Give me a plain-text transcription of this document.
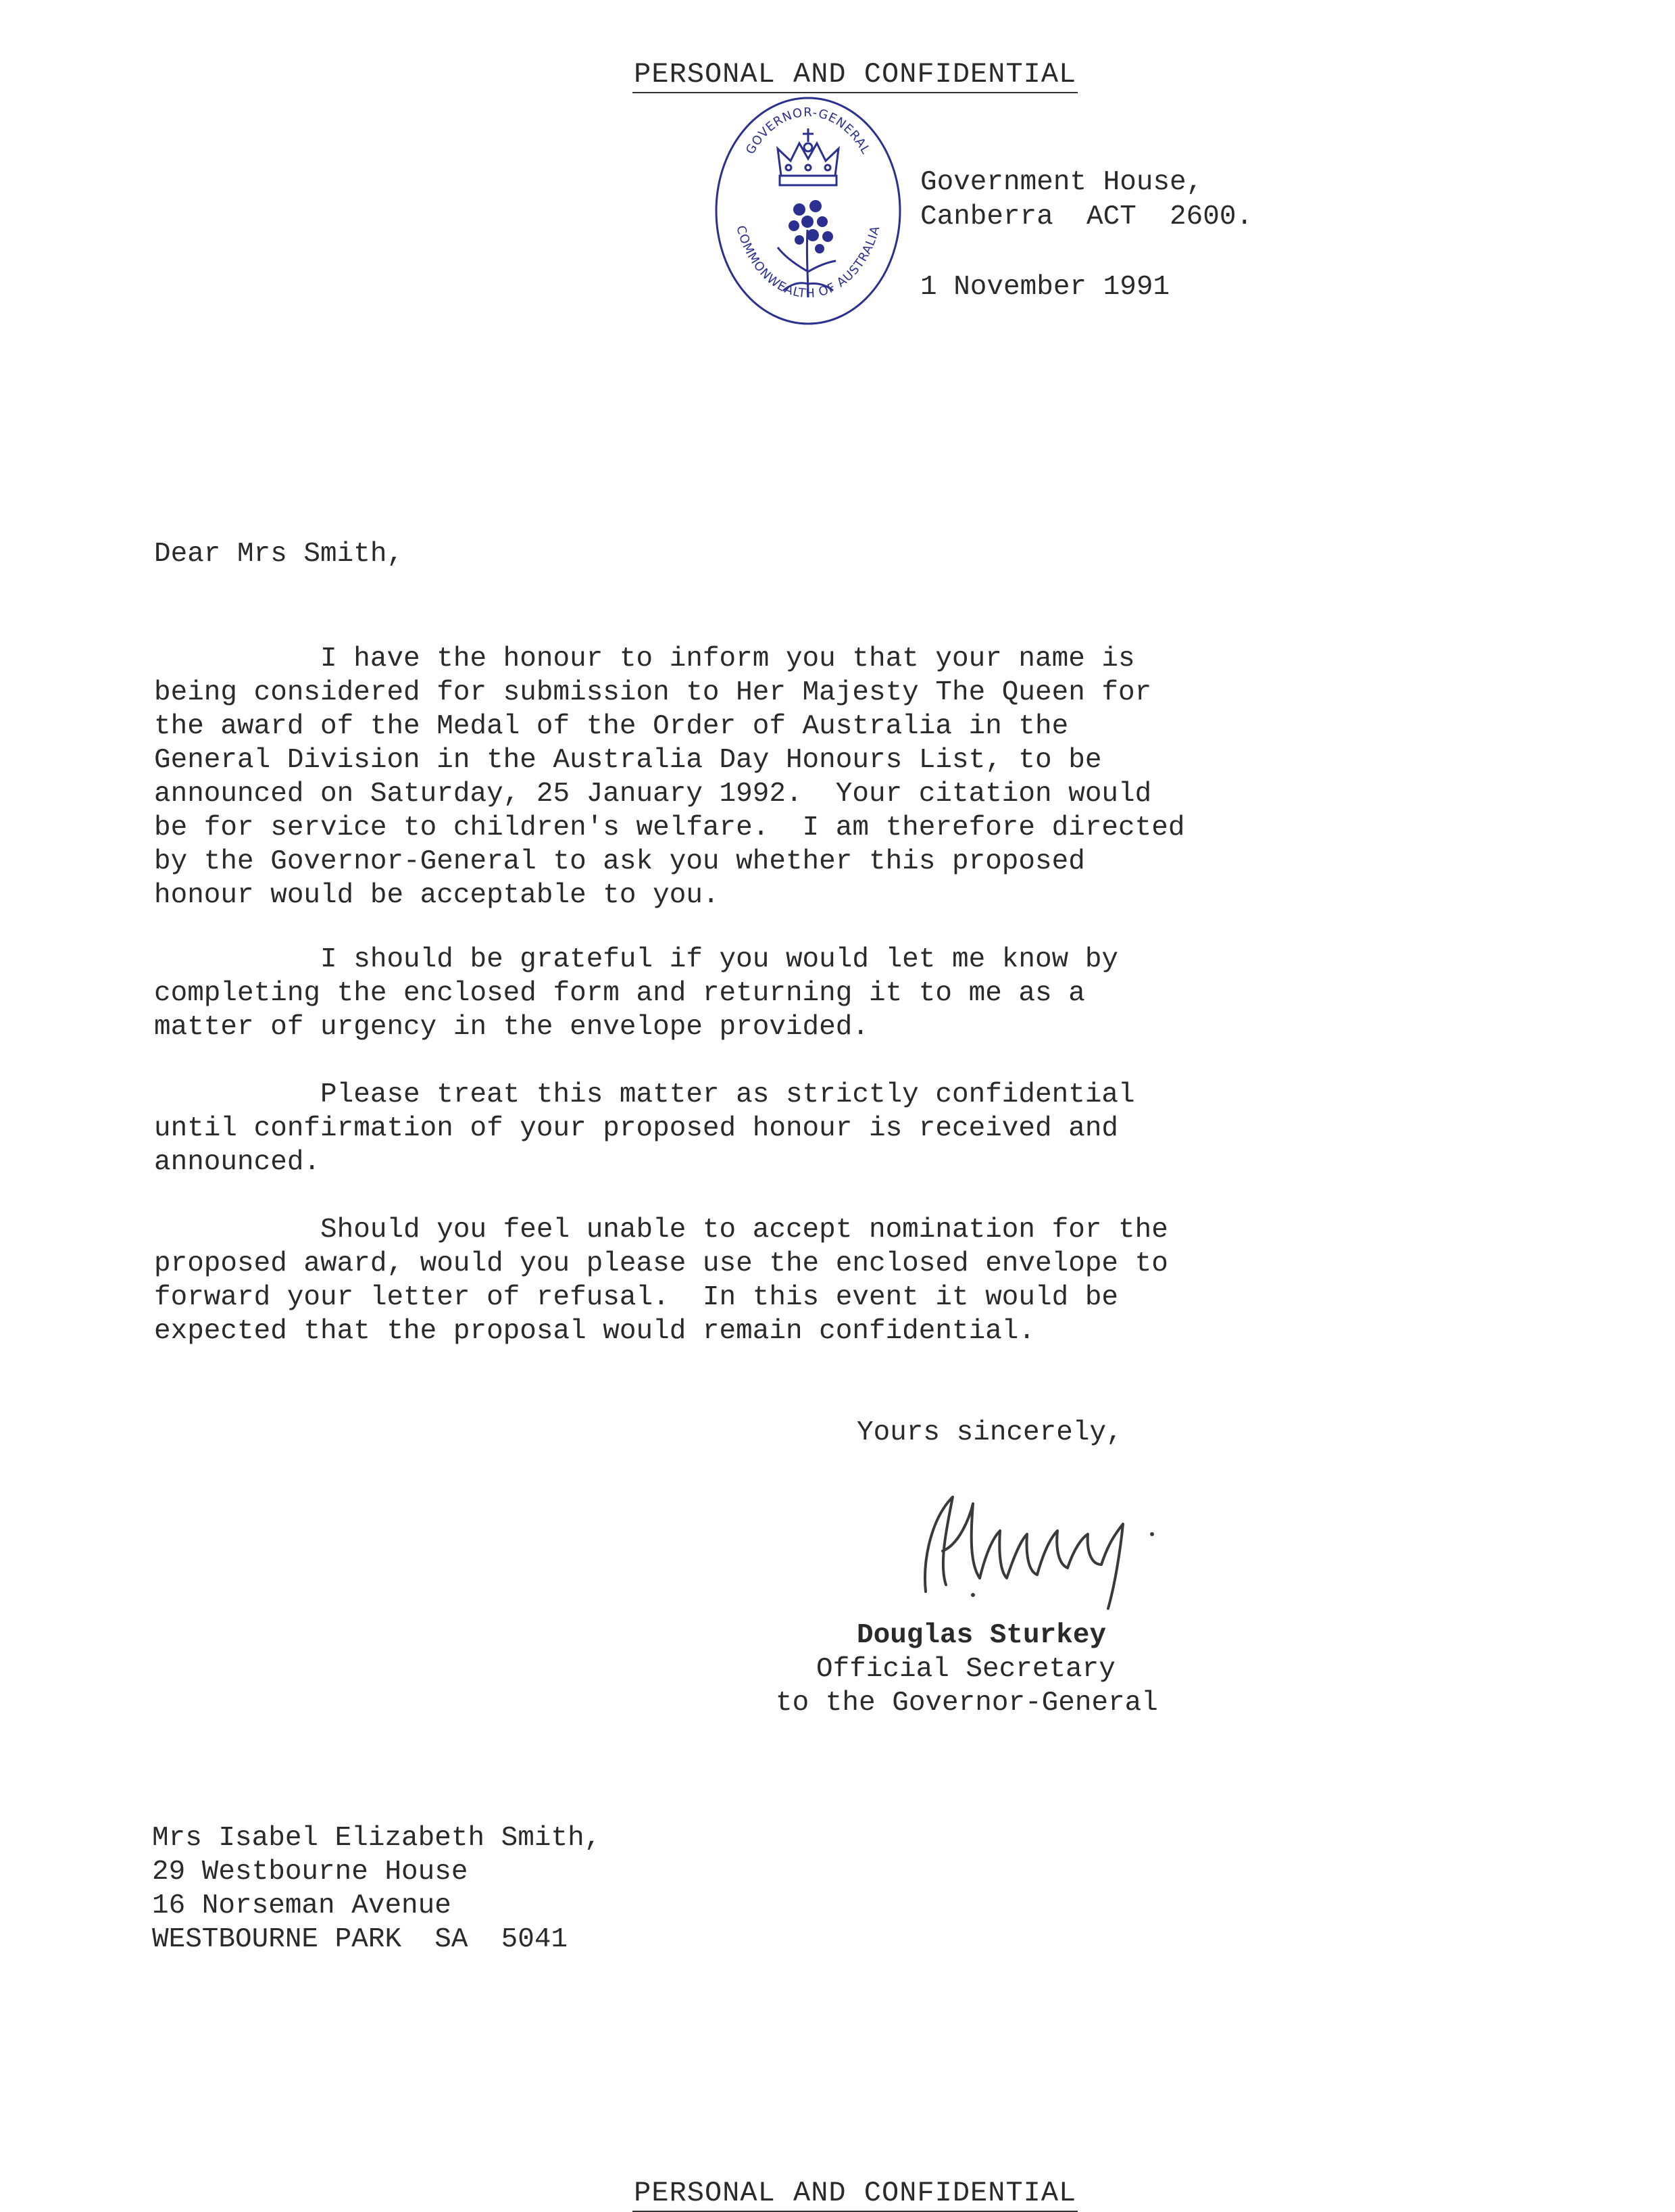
PERSONAL AND CONFIDENTIAL

GOVERNOR-GENERAL
COMMONWEALTH OF AUSTRALIA

Government House,

Canberra  ACT  2600.

1 November 1991

Dear Mrs Smith,

I have the honour to inform you that your name is

being considered for submission to Her Majesty The Queen for

the award of the Medal of the Order of Australia in the

General Division in the Australia Day Honours List, to be

announced on Saturday, 25 January 1992.  Your citation would

be for service to children's welfare.  I am therefore directed

by the Governor-General to ask you whether this proposed

honour would be acceptable to you.

I should be grateful if you would let me know by

completing the enclosed form and returning it to me as a

matter of urgency in the envelope provided.

Please treat this matter as strictly confidential

until confirmation of your proposed honour is received and

announced.

Should you feel unable to accept nomination for the

proposed award, would you please use the enclosed envelope to

forward your letter of refusal.  In this event it would be

expected that the proposal would remain confidential.

Yours sincerely,

Douglas Sturkey

Official Secretary

to the Governor-General

Mrs Isabel Elizabeth Smith,

29 Westbourne House

16 Norseman Avenue

WESTBOURNE PARK  SA  5041

PERSONAL AND CONFIDENTIAL
